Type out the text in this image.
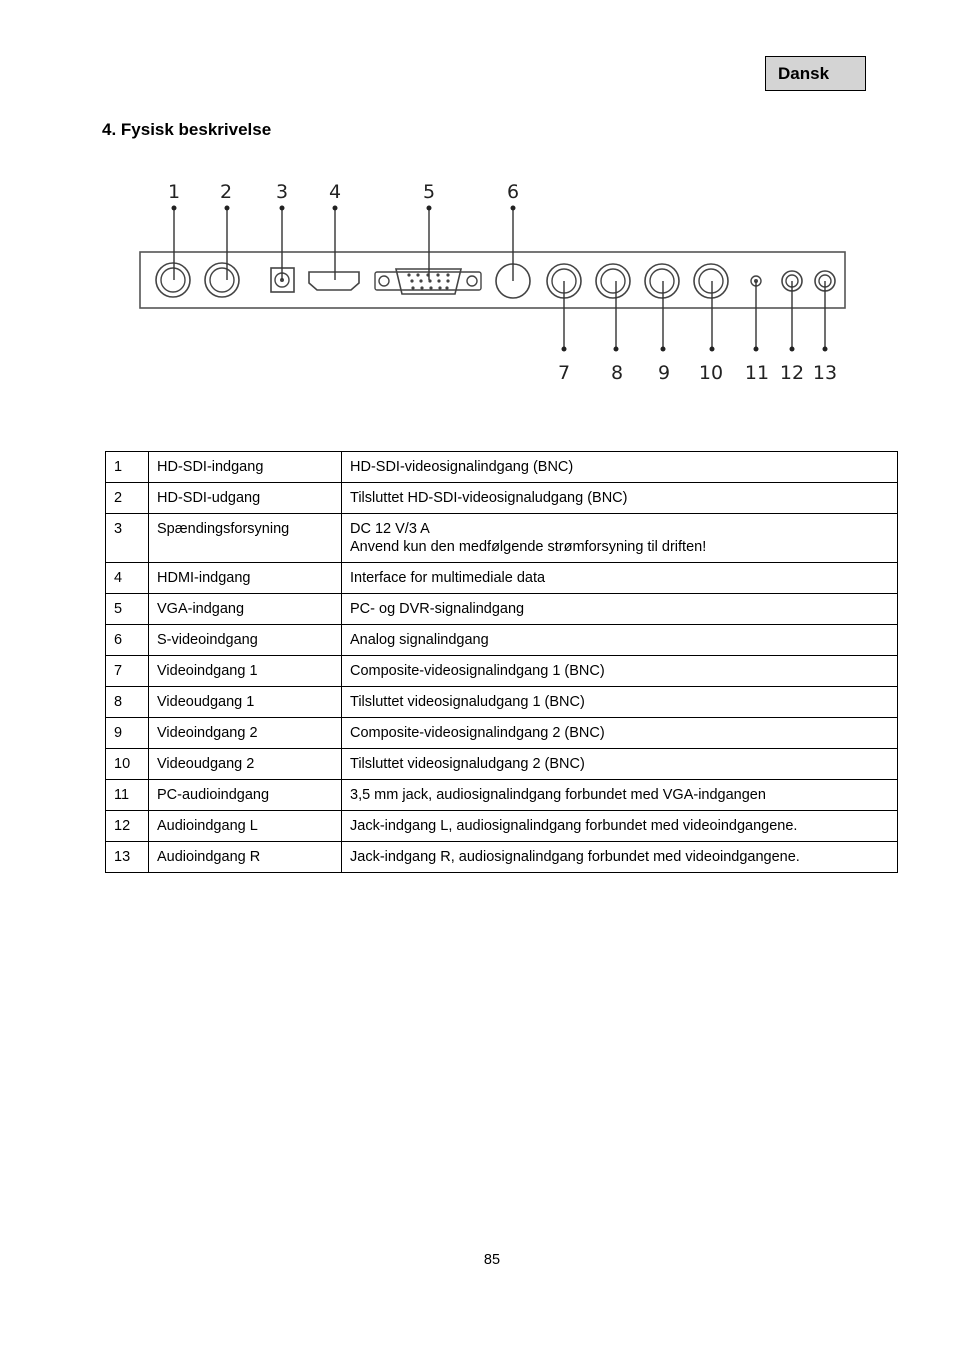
Dansk
4. Fysisk beskrivelse
1 2 3 4	5	6
7 8 9 10 11 12 13
1	HD-SDI-indgang	HD-SDI-videosignalindgang (BNC)
2	HD-SDI-udgang	Tilsluttet HD-SDI-videosignaludgang (BNC)
3	Spændingsforsyning	DC 12 V/3 A
Anvend kun den medfølgende strømforsyning til driften!

4	HDMI-indgang	Interface for multimediale data
5	VGA-indgang	PC- og DVR-signalindgang
6	S-videoindgang	Analog signalindgang
7	Videoindgang 1	Composite-videosignalindgang 1 (BNC)
8	Videoudgang 1	Tilsluttet videosignaludgang 1 (BNC)
9	Videoindgang 2	Composite-videosignalindgang 2 (BNC)
10	Videoudgang 2	Tilsluttet videosignaludgang 2 (BNC)
11	PC-audioindgang	3,5 mm jack, audiosignalindgang forbundet med VGA-indgangen
12	Audioindgang L	Jack-indgang L, audiosignalindgang forbundet med videoindgangene.
13	Audioindgang R	Jack-indgang R, audiosignalindgang forbundet med videoindgangene.
85
